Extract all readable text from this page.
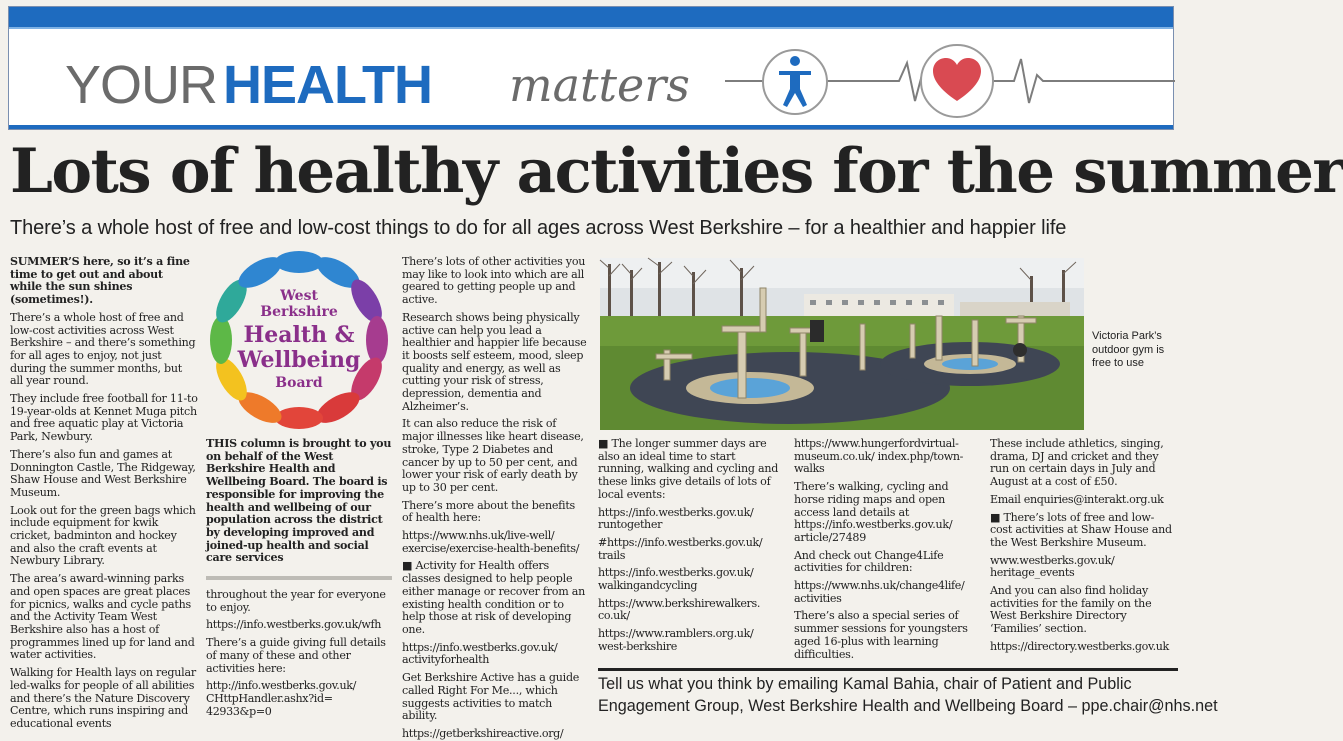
YOUR HEALTH matters
Lots of healthy activities for the summer
There’s a whole host of free and low-cost things to do for all ages across West Berkshire – for a healthier and happier life

SUMMER’S here, so it’s a fine time to get out and about while the sun shines (sometimes!).

There’s a whole host of free and low-cost activities across West Berkshire – and there’s something for all ages to enjoy, not just during the summer months, but all year round.

They include free football for 11-to 19-year-olds at Kennet Muga pitch and free aquatic play at Victoria Park, Newbury.

There’s also fun and games at Donnington Castle, The Ridgeway, Shaw House and West Berkshire Museum.

Look out for the green bags which include equipment for kwik cricket, badminton and hockey and also the craft events at Newbury Library.

The area’s award-winning parks and open spaces are great places for picnics, walks and cycle paths and the Activity Team West Berkshire also has a host of programmes lined up for land and water activities.

Walking for Health lays on regular led-walks for people of all abilities and there’s the Nature Discovery Centre, which runs inspiring and educational events

West
Berkshire
Health &
Wellbeing
Board

THIS column is brought to you on behalf of the West Berkshire Health and Wellbeing Board. The board is responsible for improving the health and wellbeing of our population across the district by developing improved and joined-up health and social care services

throughout the year for everyone to enjoy.

https://info.westberks.gov.uk/wfh

There’s a guide giving full details of many of these and other activities here:

http://info.westberks.gov.uk/ CHttpHandler.ashx?id= 42933&p=0

There’s lots of other activities you may like to look into which are all geared to getting people up and active.

Research shows being physically active can help you lead a healthier and happier life because it boosts self esteem, mood, sleep quality and energy, as well as cutting your risk of stress, depression, dementia and Alzheimer’s.

It can also reduce the risk of major illnesses like heart disease, stroke, Type 2 Diabetes and cancer by up to 50 per cent, and lower your risk of early death by up to 30 per cent.

There’s more about the benefits of health here:

https://www.nhs.uk/live-well/ exercise/exercise-health-benefits/

■ Activity for Health offers classes designed to help people either manage or recover from an existing health condition or to help those at risk of developing one.

https://info.westberks.gov.uk/ activityforhealth

Get Berkshire Active has a guide called Right For Me..., which suggests activities to match ability.

https://getberkshireactive.org/

Victoria Park’s outdoor gym is free to use

■ The longer summer days are also an ideal time to start running, walking and cycling and these links give details of lots of local events:

https://info.westberks.gov.uk/ runtogether

#https://info.westberks.gov.uk/ trails

https://info.westberks.gov.uk/ walkingandcycling

https://www.berkshirewalkers. co.uk/

https://www.ramblers.org.uk/ west-berkshire

https://www.hungerfordvirtual- museum.co.uk/ index.php/town-walks

There’s walking, cycling and horse riding maps and open access land details at https://info.westberks.gov.uk/ article/27489

And check out Change4Life activities for children:

https://www.nhs.uk/change4life/ activities

There’s also a special series of summer sessions for youngsters aged 16-plus with learning difficulties.

These include athletics, singing, drama, DJ and cricket and they run on certain days in July and August at a cost of £50.

Email enquiries@interakt.org.uk

■ There’s lots of free and low-cost activities at Shaw House and the West Berkshire Museum.

www.westberks.gov.uk/ heritage_events

And you can also find holiday activities for the family on the West Berkshire Directory ‘Families’ section.

https://directory.westberks.gov.uk

Tell us what you think by emailing Kamal Bahia, chair of Patient and Public
Engagement Group, West Berkshire Health and Wellbeing Board – ppe.chair@nhs.net
